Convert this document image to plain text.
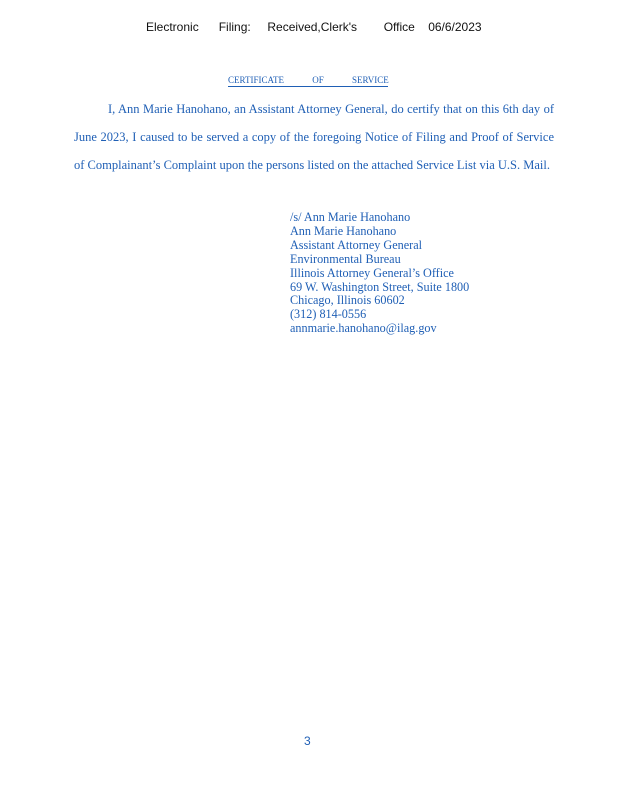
Electronic Filing: Received,Clerk's Office 06/6/2023
CERTIFICATE OF SERVICE
I, Ann Marie Hanohano, an Assistant Attorney General, do certify that on this 6th day of June 2023, I caused to be served a copy of the foregoing Notice of Filing and Proof of Service of Complainant’s Complaint upon the persons listed on the attached Service List via U.S. Mail.
/s/ Ann Marie Hanohano
Ann Marie Hanohano
Assistant Attorney General
Environmental Bureau
Illinois Attorney General’s Office
69 W. Washington Street, Suite 1800
Chicago, Illinois 60602
(312) 814-0556
annmarie.hanohano@ilag.gov
3
